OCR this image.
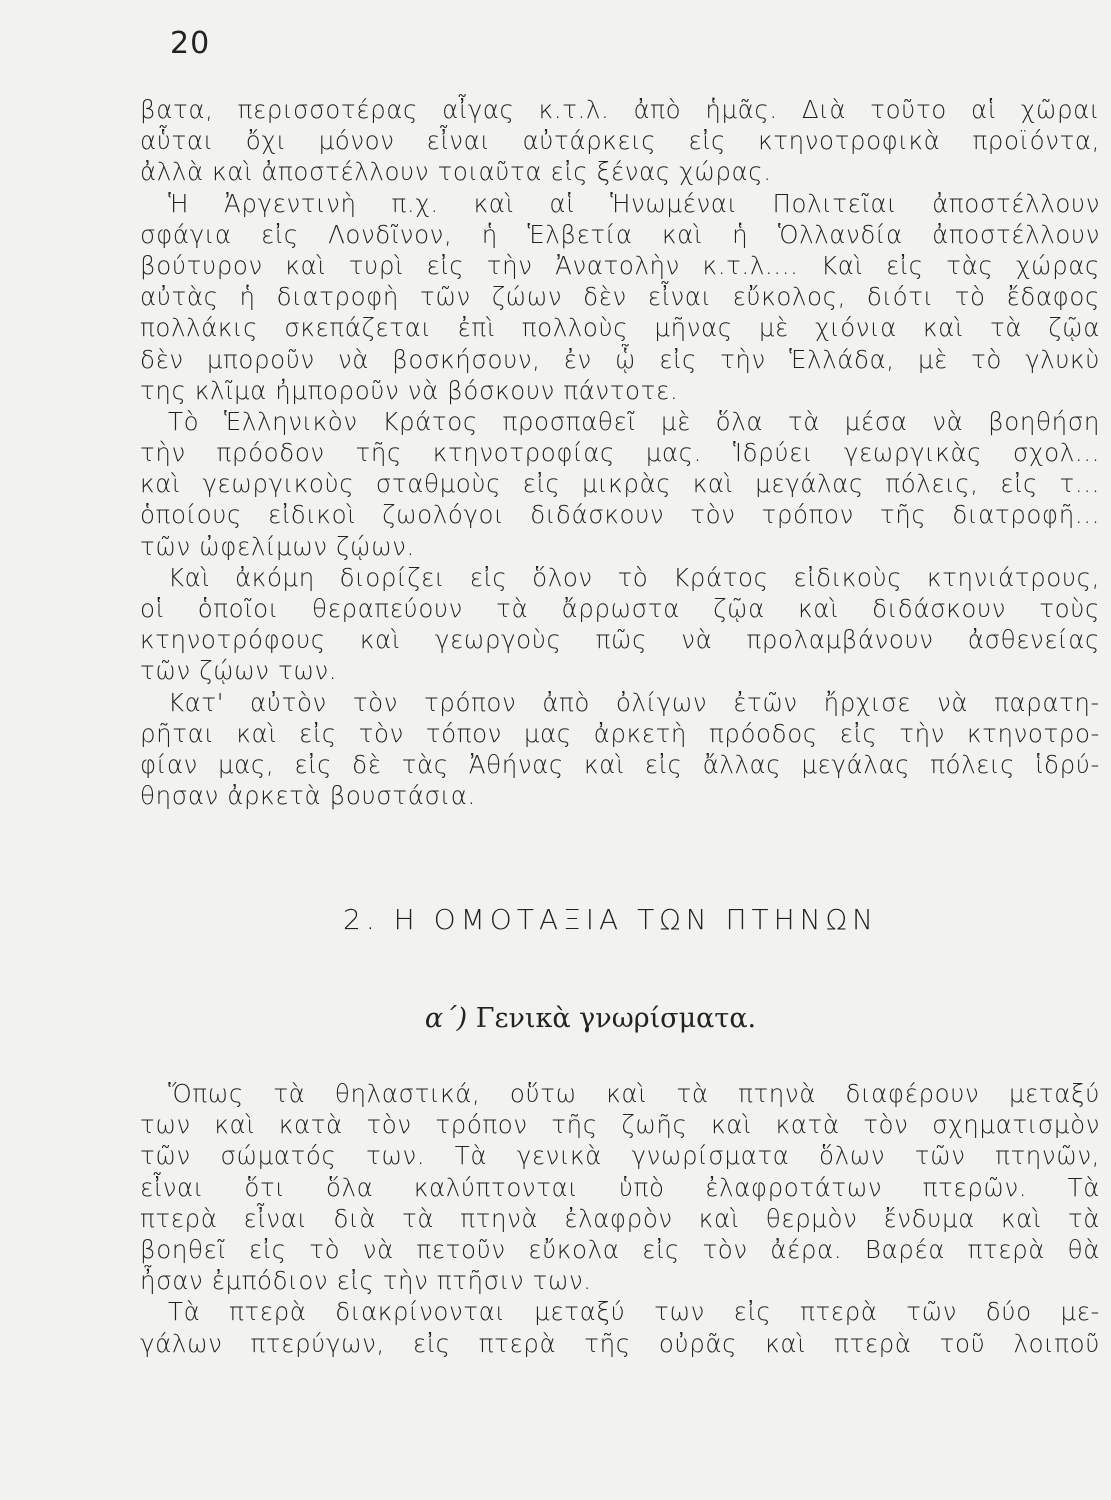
20
βατα, περισσοτέρας αἶγας κ.τ.λ. ἀπὸ ἡμᾶς. Διὰ τοῦτο αἱ χῶραι
αὗται ὄχι μόνον εἶναι αὐτάρκεις εἰς κτηνοτροφικὰ προϊόντα,
ἀλλὰ καὶ ἀποστέλλουν τοιαῦτα εἰς ξένας χώρας.
Ἡ Ἀργεντινὴ π.χ. καὶ αἱ Ἡνωμέναι Πολιτεῖαι ἀποστέλλουν
σφάγια εἰς Λονδῖνον, ἡ Ἑλβετία καὶ ἡ Ὁλλανδία ἀποστέλλουν
βούτυρον καὶ τυρὶ εἰς τὴν Ἀνατολὴν κ.τ.λ.... Καὶ εἰς τὰς χώρας
αὐτὰς ἡ διατροφὴ τῶν ζώων δὲν εἶναι εὔκολος, διότι τὸ ἔδαφος
πολλάκις σκεπάζεται ἐπὶ πολλοὺς μῆνας μὲ χιόνια καὶ τὰ ζῷα
δὲν μποροῦν νὰ βοσκήσουν, ἐν ᾧ εἰς τὴν Ἑλλάδα, μὲ τὸ γλυκὺ
της κλῖμα ἠμποροῦν νὰ βόσκουν πάντοτε.
Τὸ Ἑλληνικὸν Κράτος προσπαθεῖ μὲ ὅλα τὰ μέσα νὰ βοηθήση
τὴν πρόοδον τῆς κτηνοτροφίας μας. Ἱδρύει γεωργικὰς σχολ...
καὶ γεωργικοὺς σταθμοὺς εἰς μικρὰς καὶ μεγάλας πόλεις, εἰς τ...
ὁποίους εἰδικοὶ ζωολόγοι διδάσκουν τὸν τρόπον τῆς διατροφῆ...
τῶν ὠφελίμων ζῴων.
Καὶ ἀκόμη διορίζει εἰς ὅλον τὸ Κράτος εἰδικοὺς κτηνιάτρους,
οἱ ὁποῖοι θεραπεύουν τὰ ἄρρωστα ζῷα καὶ διδάσκουν τοὺς
κτηνοτρόφους καὶ γεωργοὺς πῶς νὰ προλαμβάνουν ἀσθενείας
τῶν ζῴων των.
Κατ' αὐτὸν τὸν τρόπον ἀπὸ ὀλίγων ἐτῶν ἤρχισε νὰ παρατη-
ρῆται καὶ εἰς τὸν τόπον μας ἀρκετὴ πρόοδος εἰς τὴν κτηνοτρο-
φίαν μας, εἰς δὲ τὰς Ἀθήνας καὶ εἰς ἄλλας μεγάλας πόλεις ἱδρύ-
θησαν ἀρκετὰ βουστάσια.
2. Η ΟΜΟΤΑΞΙΑ ΤΩΝ ΠΤΗΝΩΝ
α΄) Γενικὰ γνωρίσματα.
Ὅπως τὰ θηλαστικά, οὕτω καὶ τὰ πτηνὰ διαφέρουν μεταξύ
των καὶ κατὰ τὸν τρόπον τῆς ζωῆς καὶ κατὰ τὸν σχηματισμὸν
τῶν σώματός των. Τὰ γενικὰ γνωρίσματα ὅλων τῶν πτηνῶν,
εἶναι ὅτι ὅλα καλύπτονται ὑπὸ ἐλαφροτάτων πτερῶν. Τὰ
πτερὰ εἶναι διὰ τὰ πτηνὰ ἐλαφρὸν καὶ θερμὸν ἔνδυμα καὶ τὰ
βοηθεῖ εἰς τὸ νὰ πετοῦν εὔκολα εἰς τὸν ἀέρα. Βαρέα πτερὰ θὰ
ἦσαν ἐμπόδιον εἰς τὴν πτῆσιν των.
Τὰ πτερὰ διακρίνονται μεταξύ των εἰς πτερὰ τῶν δύο με-
γάλων πτερύγων, εἰς πτερὰ τῆς οὐρᾶς καὶ πτερὰ τοῦ λοιποῦ
